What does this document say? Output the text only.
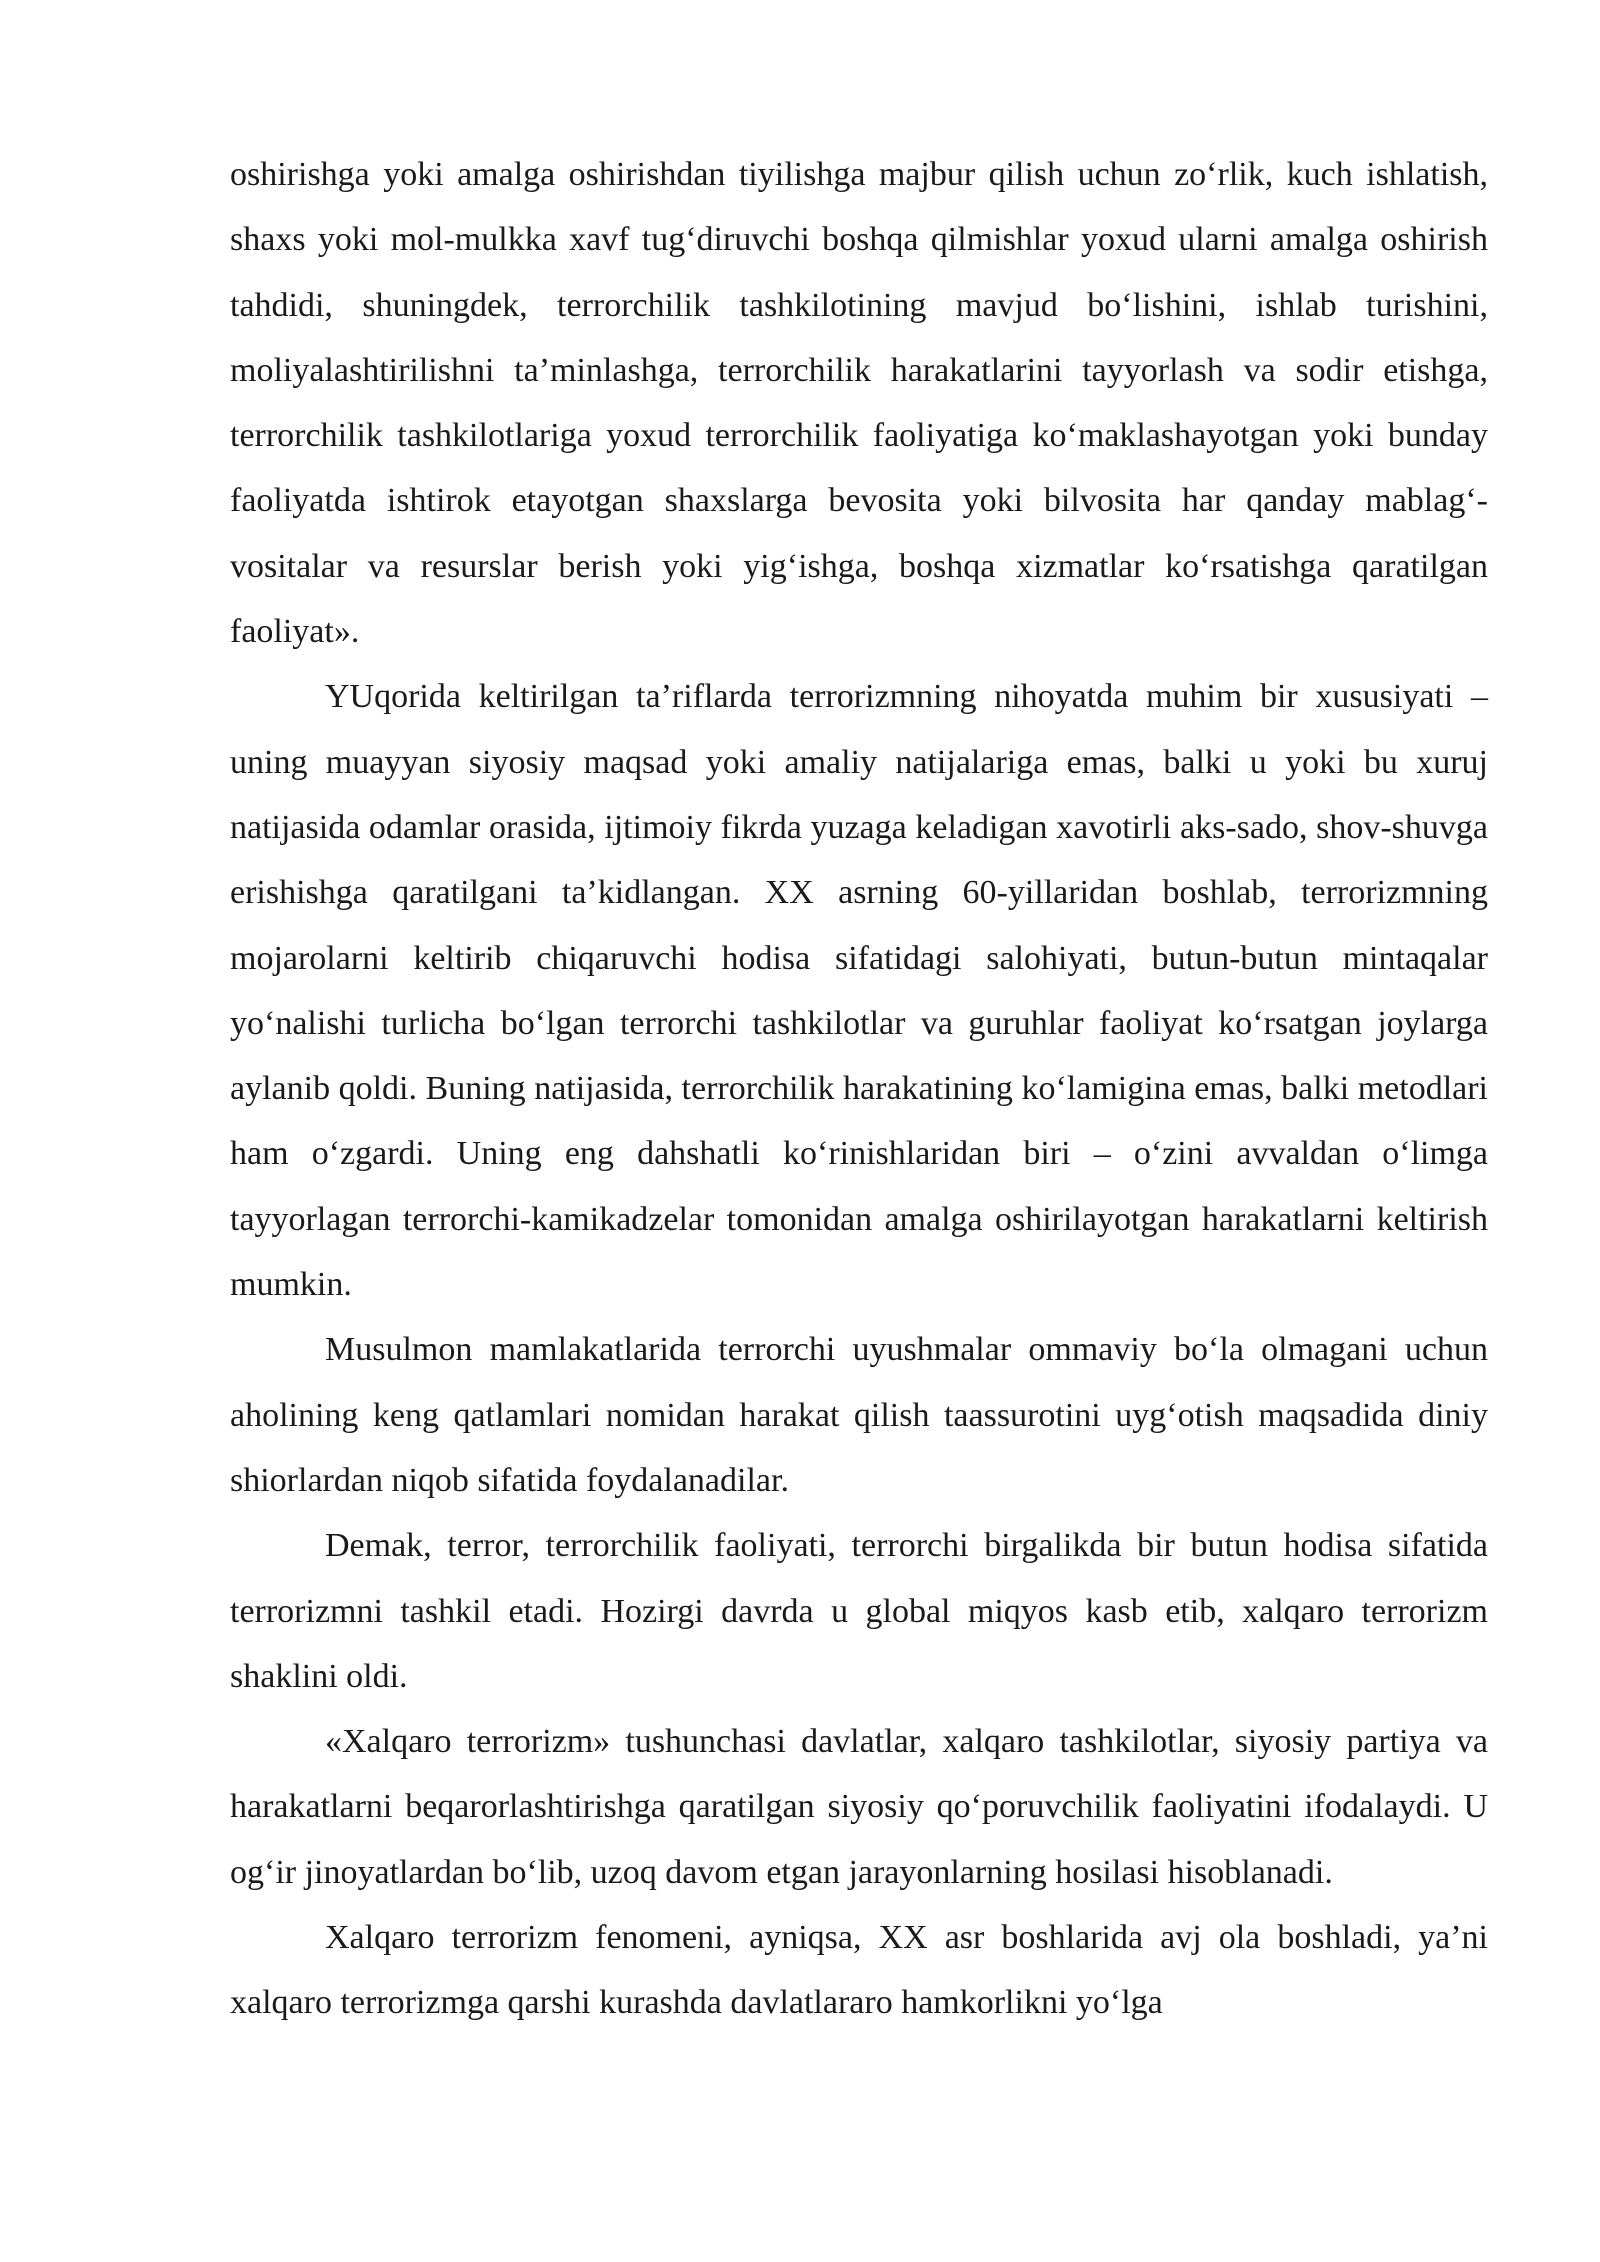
oshirishga yoki amalga oshirishdan tiyilishga majbur qilish uchun zo‘rlik, kuch ishlatish, shaxs yoki mol-mulkka xavf tug‘diruvchi boshqa qilmishlar yoxud ularni amalga oshirish tahdidi, shuningdek, terrorchilik tashkilotining mavjud bo‘lishini, ishlab turishini, moliyalashtirilishni ta’minlashga, terrorchilik harakatlarini tayyorlash va sodir etishga, terrorchilik tashkilotlariga yoxud terrorchilik faoliyatiga ko‘maklashayotgan yoki bunday faoliyatda ishtirok etayotgan shaxslarga bevosita yoki bilvosita har qanday mablag‘-vositalar va resurslar berish yoki yig‘ishga, boshqa xizmatlar ko‘rsatishga qaratilgan faoliyat».

YUqorida keltirilgan ta’riflarda terrorizmning nihoyatda muhim bir xususiyati – uning muayyan siyosiy maqsad yoki amaliy natijalariga emas, balki u yoki bu xuruj natijasida odamlar orasida, ijtimoiy fikrda yuzaga keladigan xavotirli aks-sado, shov-shuvga erishishga qaratilgani ta’kidlangan. XX asrning 60-yillaridan boshlab, terrorizmning mojarolarni keltirib chiqaruvchi hodisa sifatidagi salohiyati, butun-butun mintaqalar yo‘nalishi turlicha bo‘lgan terrorchi tashkilotlar va guruhlar faoliyat ko‘rsatgan joylarga aylanib qoldi. Buning natijasida, terrorchilik harakatining ko‘lamigina emas, balki metodlari ham o‘zgardi. Uning eng dahshatli ko‘rinishlaridan biri – o‘zini avvaldan o‘limga tayyorlagan terrorchi-kamikadzelar tomonidan amalga oshirilayotgan harakatlarni keltirish mumkin.

Musulmon mamlakatlarida terrorchi uyushmalar ommaviy bo‘la olmagani uchun aholining keng qatlamlari nomidan harakat qilish taassurotini uyg‘otish maqsadida diniy shiorlardan niqob sifatida foydalanadilar.

Demak, terror, terrorchilik faoliyati, terrorchi birgalikda bir butun hodisa sifatida terrorizmni tashkil etadi. Hozirgi davrda u global miqyos kasb etib, xalqaro terrorizm shaklini oldi.

«Xalqaro terrorizm» tushunchasi davlatlar, xalqaro tashkilotlar, siyosiy partiya va harakatlarni beqarorlashtirishga qaratilgan siyosiy qo‘poruvchilik faoliyatini ifodalaydi. U og‘ir jinoyatlardan bo‘lib, uzoq davom etgan jarayonlarning hosilasi hisoblanadi.

Xalqaro terrorizm fenomeni, ayniqsa, XX asr boshlarida avj ola boshladi, ya’ni xalqaro terrorizmga qarshi kurashda davlatlararo hamkorlikni yo‘lga
